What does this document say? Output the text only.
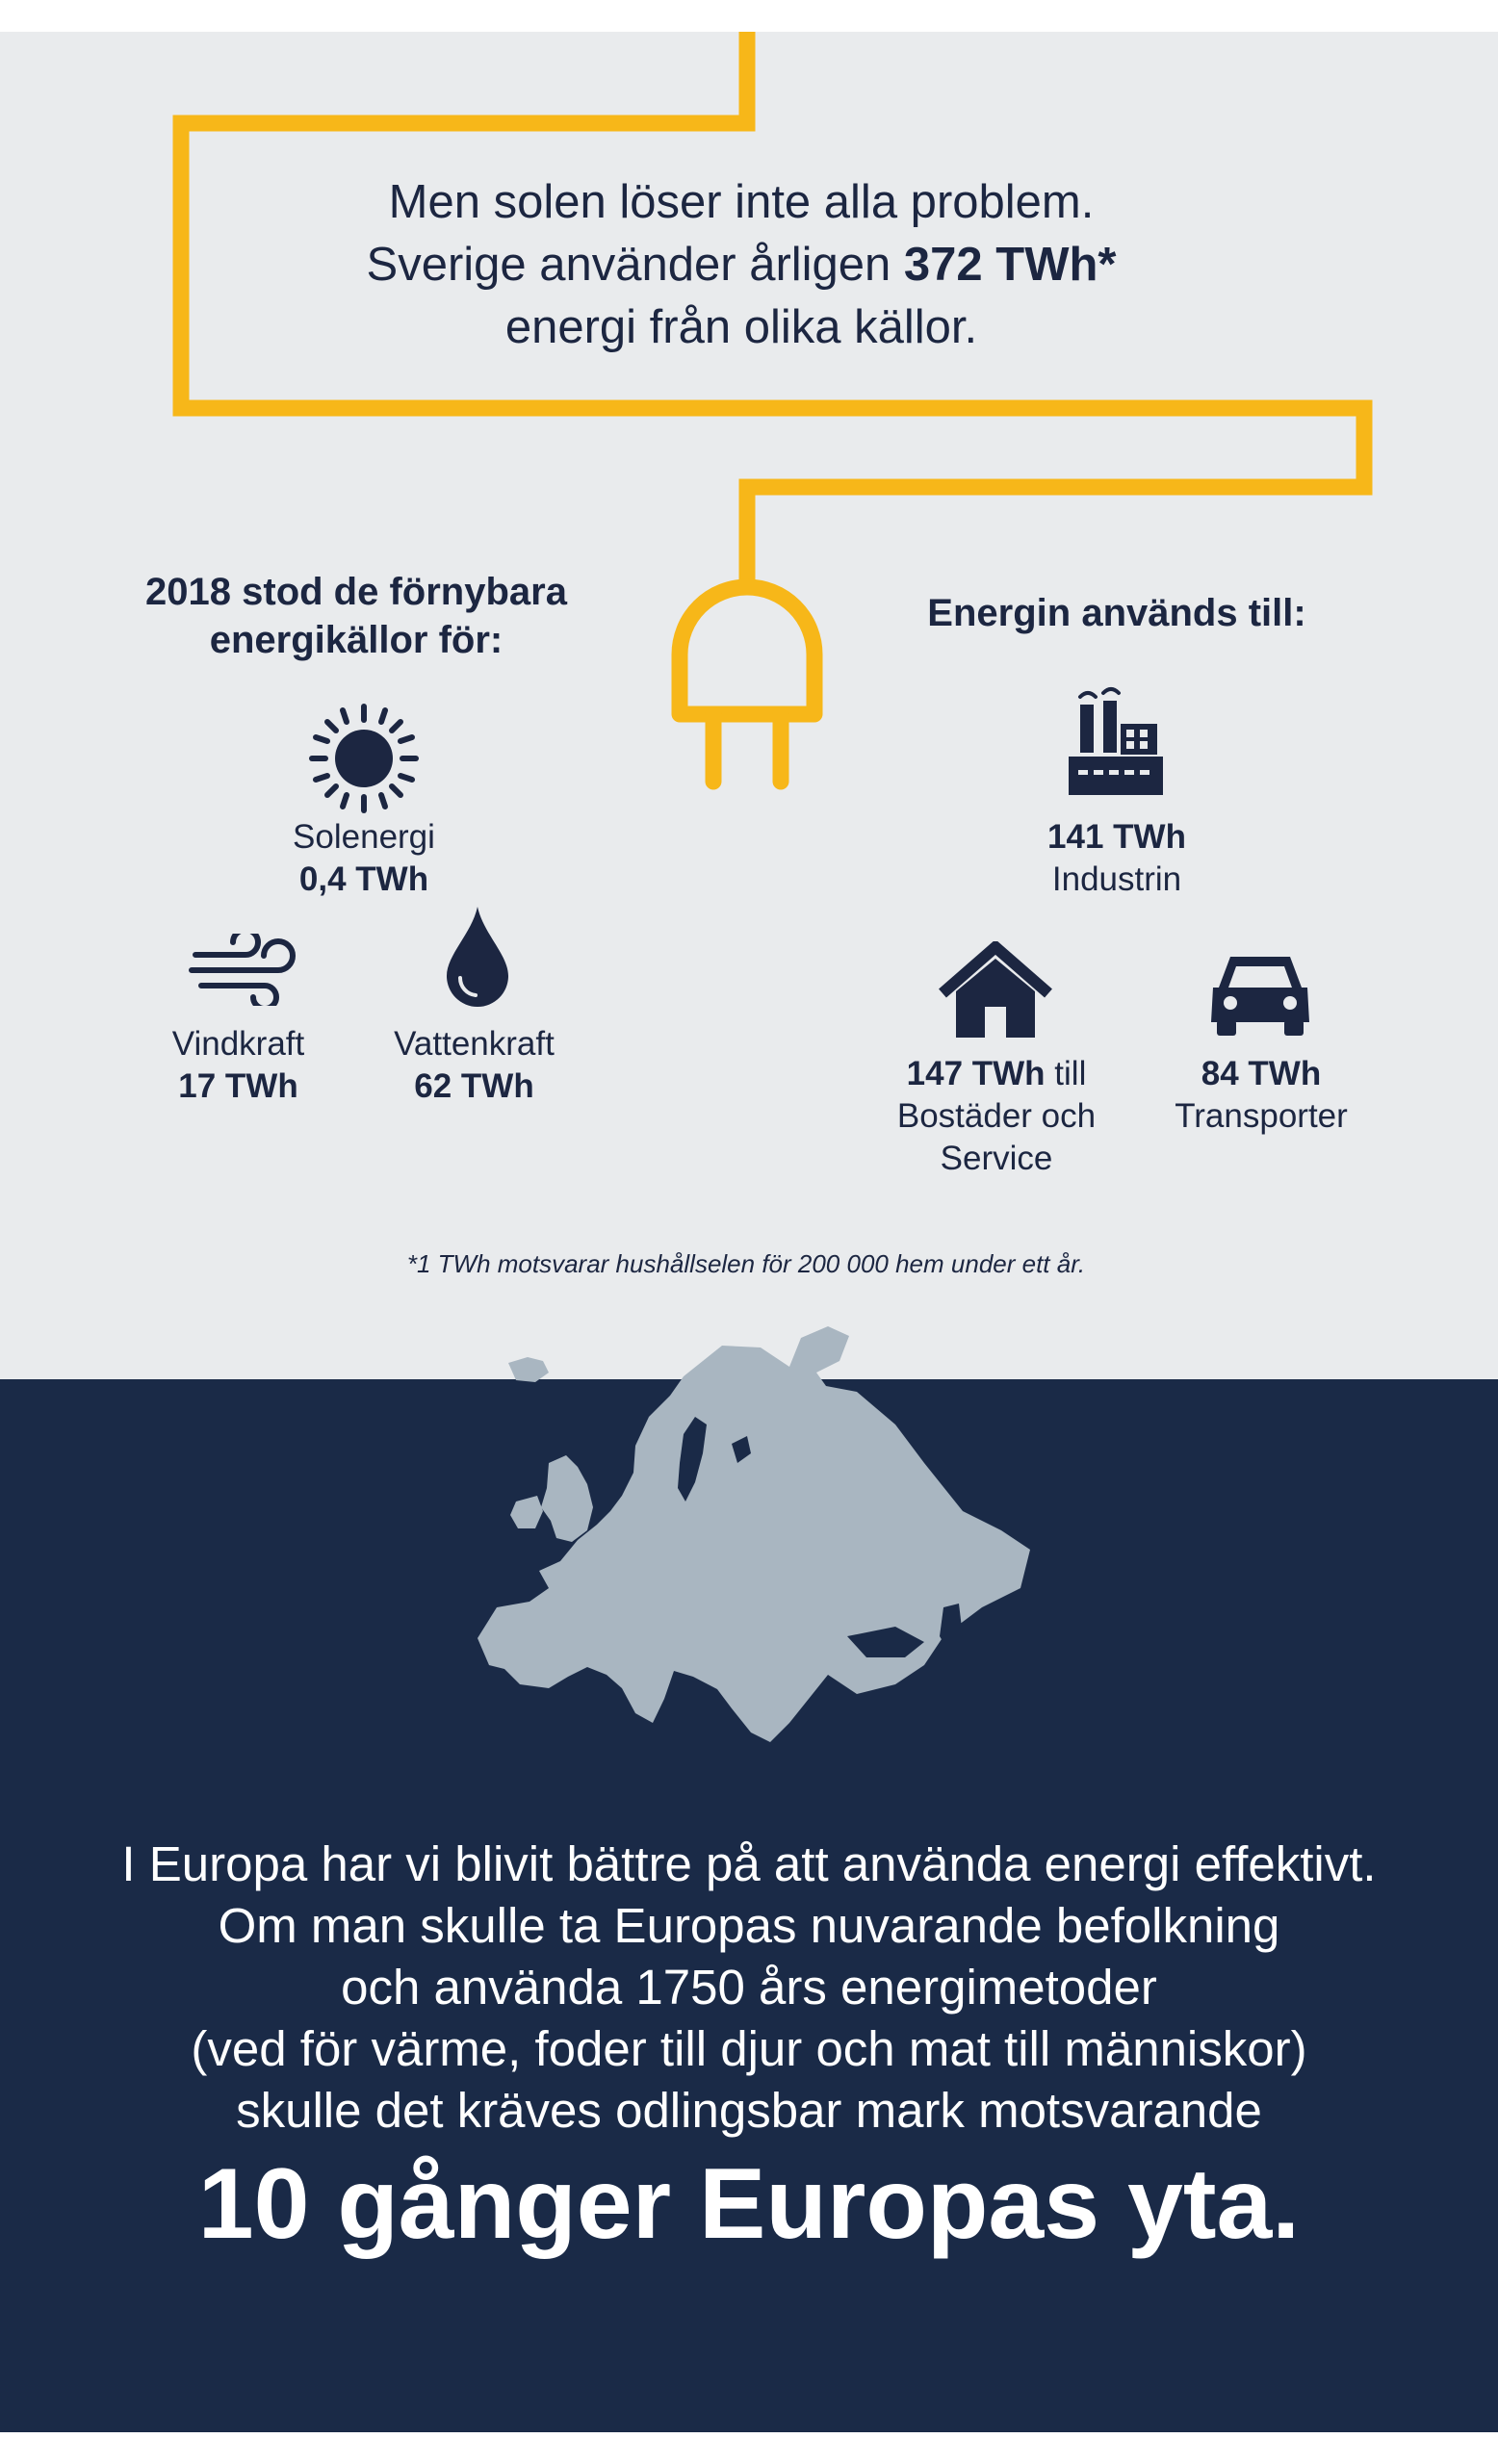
Men solen löser inte alla problem.
Sverige använder årligen 372 TWh*
energi från olika källor.
2018 stod de förnybara energikällor för:
Solenergi
0,4 TWh
Vindkraft
17 TWh
Vattenkraft
62 TWh
Energin används till:
141 TWh
Industrin
147 TWh till
Bostäder och
Service
84 TWh
Transporter
*1 TWh motsvarar hushållselen för 200 000 hem under ett år.
I Europa har vi blivit bättre på att använda energi effektivt.
Om man skulle ta Europas nuvarande befolkning
och använda 1750 års energimetoder
(ved för värme, foder till djur och mat till människor)
skulle det kräves odlingsbar mark motsvarande
10 gånger Europas yta.
